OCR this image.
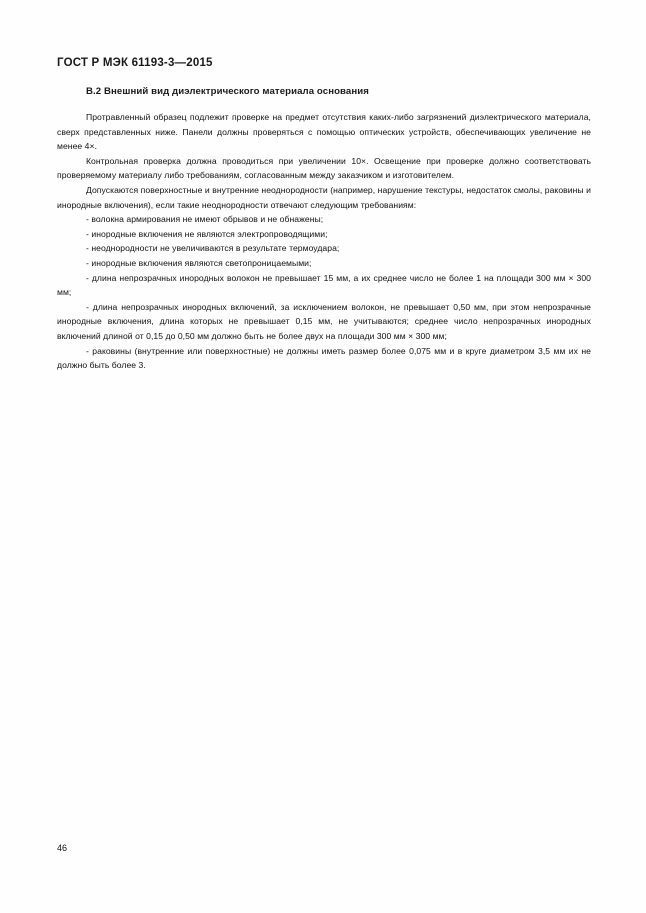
ГОСТ Р МЭК 61193-3—2015
В.2 Внешний вид диэлектрического материала основания

Протравленный образец подлежит проверке на предмет отсутствия каких-либо загрязнений диэлектрического материала, сверх представленных ниже. Панели должны проверяться с помощью оптических устройств, обеспечивающих увеличение не менее 4×.

Контрольная проверка должна проводиться при увеличении 10×. Освещение при проверке должно соответствовать проверяемому материалу либо требованиям, согласованным между заказчиком и изготовителем.

Допускаются поверхностные и внутренние неоднородности (например, нарушение текстуры, недостаток смолы, раковины и инородные включения), если такие неоднородности отвечают следующим требованиям:

- волокна армирования не имеют обрывов и не обнажены;

- инородные включения не являются электропроводящими;

- неоднородности не увеличиваются в результате термоудара;

- инородные включения являются светопроницаемыми;

- длина непрозрачных инородных волокон не превышает 15 мм, а их среднее число не более 1 на площади 300 мм × 300 мм;

- длина непрозрачных инородных включений, за исключением волокон, не превышает 0,50 мм, при этом непрозрачные инородные включения, длина которых не превышает 0,15 мм, не учитываются; среднее число непрозрачных инородных включений длиной от 0,15 до 0,50 мм должно быть не более двух на площади 300 мм × 300 мм;

- раковины (внутренние или поверхностные) не должны иметь размер более 0,075 мм и в круге диаметром 3,5 мм их не должно быть более 3.

46
